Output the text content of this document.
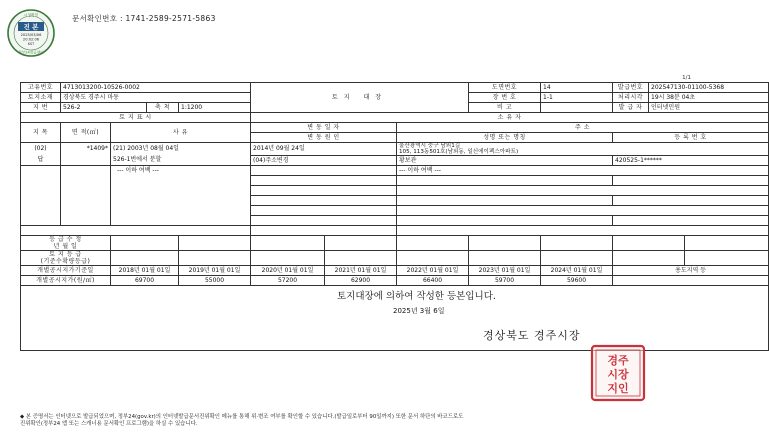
문서확인번호 : 1741-2589-2571-5863
시청확인
진 본
2025/03/06
20:02:06
KST
정부24발급센터
1/1
고유번호	4713013200-10526-0002				토지 대장			도면번호	14	발급번호	202547130-01100-5368	
토지소재	경상북도 경주시 마동							장 번 호	1-1	처리시각	19시 38분 04초	
지 번	526-2		축 척	1:1200				비 고		발 급 자	인터넷민원	
토 지 표 시					소 유 자							
지 목	면 적(㎡)	사 유			변 동 일 자		주 소					
					변 동 원 인		성명 또는 명칭			등 록 번 호		
(02)	*1409*	(21) 2003년 08월 04일			2014년 09월 24일		울산광역시 중구 남외1길
105, 113동501호(남외동, 일신에이펙스아파트)					

답		526-1번에서 분할			(04)주소변경		황보관			420525-1******		
		--- 이하 여백 ---					--- 이하 여백 ---					

등 급 수 정
년 월 일												

토 지 등 급
(기준수확량등급)												

개별공시지가기준일		2018년 01월 01일		2019년 01월 01일	2020년 01월 01일	2021년 01월 01일	2022년 01월 01일	2023년 01월 01일	2024년 01월 01일	용도지역 등		
개별공시지가(원/㎡)		69700		55000	57200	62900	66400	59700	59600			

토지대장에 의하여 작성한 등본입니다.
2025년 3월 6일
경상북도 경주시장												
경주
시장
지인
◆ 본 증명서는 인터넷으로 발급되었으며, 정부24(gov.kr)의 인터넷발급문서진위확인 메뉴를 통해 위·변조 여부를 확인할 수 있습니다.(발급일로부터 90일까지) 또한 문서 하단의 바코드로도
진위확인(정부24 앱 또는 스캐너용 문서확인 프로그램)을 하실 수 있습니다.
